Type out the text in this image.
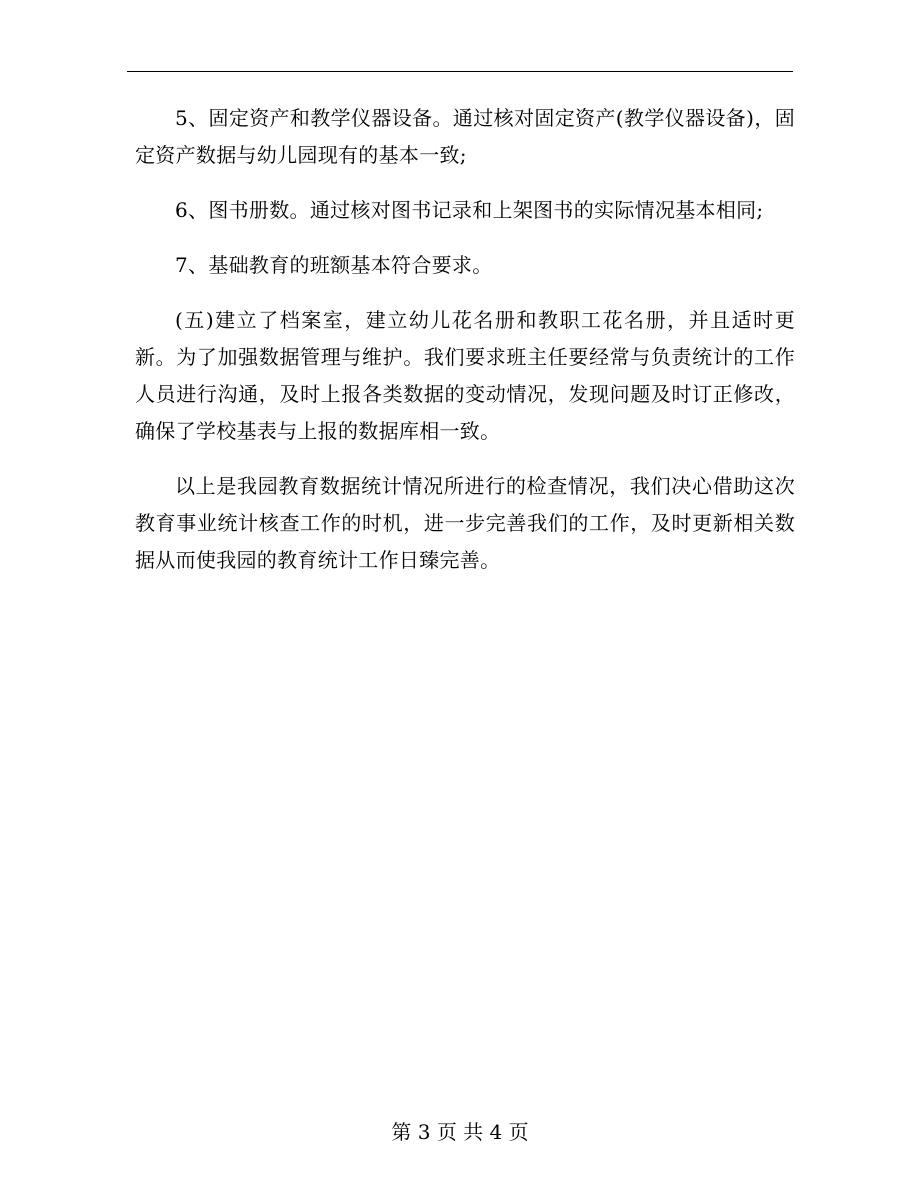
5、固定资产和教学仪器设备。通过核对固定资产(教学仪器设备)，固定资产数据与幼儿园现有的基本一致;

6、图书册数。通过核对图书记录和上架图书的实际情况基本相同;

7、基础教育的班额基本符合要求。

(五)建立了档案室，建立幼儿花名册和教职工花名册，并且适时更新。为了加强数据管理与维护。我们要求班主任要经常与负责统计的工作人员进行沟通，及时上报各类数据的变动情况，发现问题及时订正修改，确保了学校基表与上报的数据库相一致。

以上是我园教育数据统计情况所进行的检查情况，我们决心借助这次教育事业统计核查工作的时机，进一步完善我们的工作，及时更新相关数据从而使我园的教育统计工作日臻完善。

第 3 页 共 4 页
